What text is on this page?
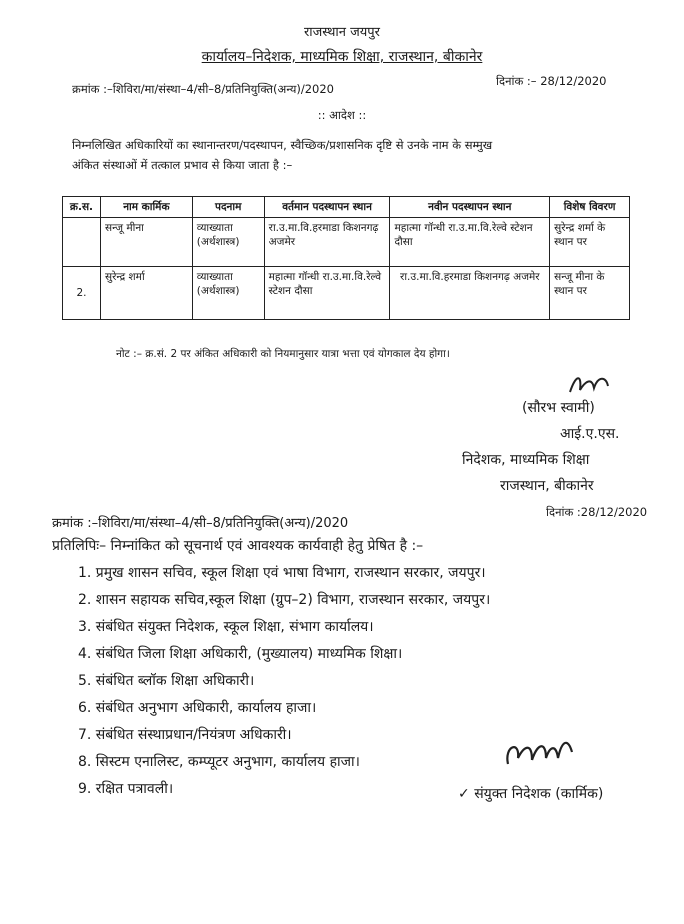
राजस्थान जयपुर
कार्यालय–निदेशक, माध्यमिक शिक्षा, राजस्थान, बीकानेर
क्रमांक :–शिविरा/मा/संस्था–4/सी–8/प्रतिनियुक्ति(अन्य)/2020
दिनांक :– 28/12/2020
:: आदेश ::
निम्नलिखित अधिकारियों का स्थानान्तरण/पदस्थापन, स्वैच्छिक/प्रशासनिक दृष्टि से उनके नाम के सम्मुख
अंकित संस्थाओं में तत्काल प्रभाव से किया जाता है :–
क्र.स.	नाम कार्मिक	पदनाम	वर्तमान पदस्थापन स्थान	नवीन पदस्थापन स्थान	विशेष विवरण
	सन्जू मीना	व्याख्याता (अर्थशास्त्र)	रा.उ.मा.वि.हरमाडा किशनगढ़ अजमेर	महात्मा गॉन्धी रा.उ.मा.वि.रेल्वे स्टेशन दौसा	सुरेन्द्र शर्मा के स्थान पर
2.	सुरेन्द्र शर्मा	व्याख्याता (अर्थशास्त्र)	महात्मा गॉन्धी रा.उ.मा.वि.रेल्वे स्टेशन दौसा	रा.उ.मा.वि.हरमाडा किशनगढ़ अजमेर	सन्जू मीना के स्थान पर
नोट :– क्र.सं. 2 पर अंकित अधिकारी को नियमानुसार यात्रा भत्ता एवं योगकाल देय होगा।
(सौरभ स्वामी)
आई.ए.एस.
निदेशक, माध्यमिक शिक्षा
राजस्थान, बीकानेर
क्रमांक :–शिविरा/मा/संस्था–4/सी–8/प्रतिनियुक्ति(अन्य)/2020
दिनांक :28/12/2020
प्रतिलिपिः– निम्नांकित को सूचनार्थ एवं आवश्यक कार्यवाही हेतु प्रेषित है :–
1. प्रमुख शासन सचिव, स्कूल शिक्षा एवं भाषा विभाग, राजस्थान सरकार, जयपुर।
2. शासन सहायक सचिव,स्कूल शिक्षा (ग्रुप–2) विभाग, राजस्थान सरकार, जयपुर।
3. संबंधित संयुक्त निदेशक, स्कूल शिक्षा, संभाग कार्यालय।
4. संबंधित जिला शिक्षा अधिकारी, (मुख्यालय) माध्यमिक शिक्षा।
5. संबंधित ब्लॉक शिक्षा अधिकारी।
6. संबंधित अनुभाग अधिकारी, कार्यालय हाजा।
7. संबंधित संस्थाप्रधान/नियंत्रण अधिकारी।
8. सिस्टम एनालिस्ट, कम्प्यूटर अनुभाग, कार्यालय हाजा।
9. रक्षित पत्रावली।	✓ संयुक्त निदेशक (कार्मिक)
